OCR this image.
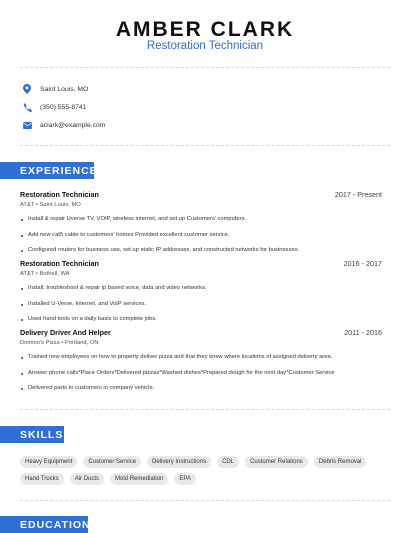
AMBER CLARK
Restoration Technician
Saint Louis, MO
(350) 555-8741
aclark@example.com
EXPERIENCE
Restoration Technician	2017 - Present
AT&T • Saint Louis, MO
Install & repair Uverse TV, VOIP, wireless internet, and set up Customers' computers.
Add new cat5 cable to customers' homes Provided excellent customer service.
Configured routers for business use, set up static IP addresses, and constructed networks for businesses.
Restoration Technician	2016 - 2017
AT&T • Bothell, WA
Install, troubleshoot & repair ip based voice, data and video networks.
Installed U-Verse, Internet, and VoIP services.
Used hand tools on a daily basis to complete jobs.
Delivery Driver And Helper	2011 - 2016
Domino's Pizza • Portland, ON
Trained new employees on how to properly deliver pizza and that they knew where locations of assigned delivery area.
Answer phone calls*Place Orders*Delivered pizzas*Washed dishes*Prepared dough for the next day*Customer Service
Delivered parts to customers in company vehicle.
SKILLS
Heavy Equipment	Customer Service	Delivery Instructions	CDL	Customer Relations	Debris Removal
Hand Trucks	Air Ducts	Mold Remediation	EPA
EDUCATION
